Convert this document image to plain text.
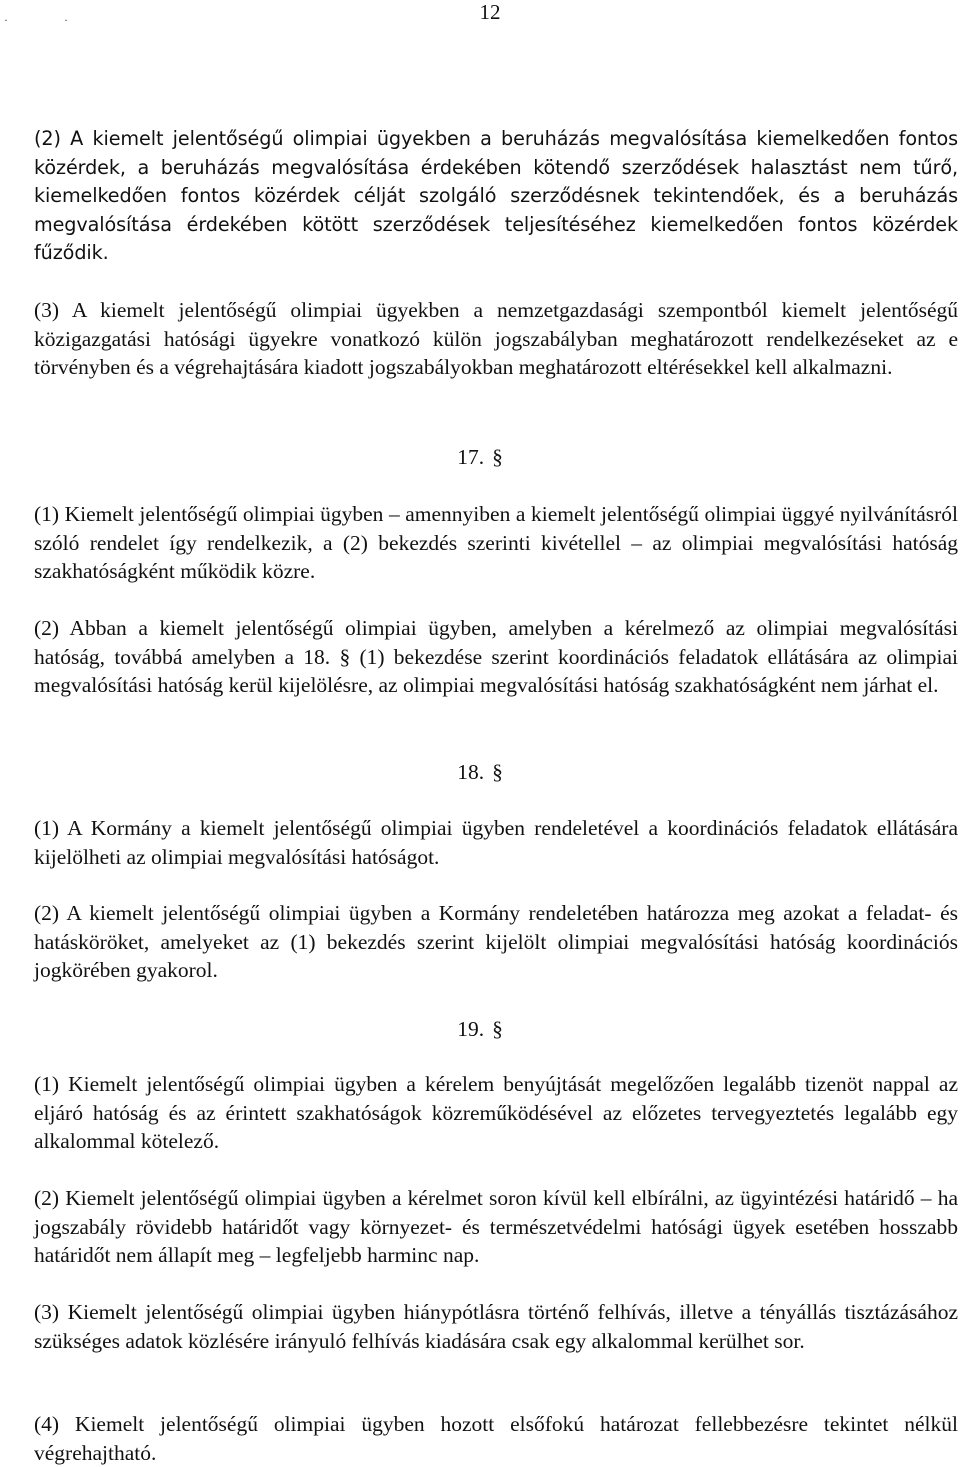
·	·	12

(2) A kiemelt jelentőségű olimpiai ügyekben a beruházás megvalósítása kiemelkedően fontos közérdek, a beruházás megvalósítása érdekében kötendő szerződések halasztást nem tűrő, kiemelkedően fontos közérdek célját szolgáló szerződésnek tekintendőek, és a beruházás megvalósítása érdekében kötött szerződések teljesítéséhez kiemelkedően fontos közérdek fűződik.

(3) A kiemelt jelentőségű olimpiai ügyekben a nemzetgazdasági szempontból kiemelt jelentőségű közigazgatási hatósági ügyekre vonatkozó külön jogszabályban meghatározott rendelkezéseket az e törvényben és a végrehajtására kiadott jogszabályokban meghatározott eltérésekkel kell alkalmazni.

17. §

(1) Kiemelt jelentőségű olimpiai ügyben – amennyiben a kiemelt jelentőségű olimpiai üggyé nyilvánításról szóló rendelet így rendelkezik, a (2) bekezdés szerinti kivétellel – az olimpiai megvalósítási hatóság szakhatóságként működik közre.

(2) Abban a kiemelt jelentőségű olimpiai ügyben, amelyben a kérelmező az olimpiai megvalósítási hatóság, továbbá amelyben a 18. § (1) bekezdése szerint koordinációs feladatok ellátására az olimpiai megvalósítási hatóság kerül kijelölésre, az olimpiai megvalósítási hatóság szakhatóságként nem járhat el.

18. §

(1) A Kormány a kiemelt jelentőségű olimpiai ügyben rendeletével a koordinációs feladatok ellátására kijelölheti az olimpiai megvalósítási hatóságot.

(2) A kiemelt jelentőségű olimpiai ügyben a Kormány rendeletében határozza meg azokat a feladat- és hatásköröket, amelyeket az (1) bekezdés szerint kijelölt olimpiai megvalósítási hatóság koordinációs jogkörében gyakorol.

19. §

(1) Kiemelt jelentőségű olimpiai ügyben a kérelem benyújtását megelőzően legalább tizenöt nappal az eljáró hatóság és az érintett szakhatóságok közreműködésével az előzetes tervegyeztetés legalább egy alkalommal kötelező.

(2) Kiemelt jelentőségű olimpiai ügyben a kérelmet soron kívül kell elbírálni, az ügyintézési határidő – ha jogszabály rövidebb határidőt vagy környezet- és természetvédelmi hatósági ügyek esetében hosszabb határidőt nem állapít meg – legfeljebb harminc nap.

(3) Kiemelt jelentőségű olimpiai ügyben hiánypótlásra történő felhívás, illetve a tényállás tisztázásához szükséges adatok közlésére irányuló felhívás kiadására csak egy alkalommal kerülhet sor.

(4) Kiemelt jelentőségű olimpiai ügyben hozott elsőfokú határozat fellebbezésre tekintet nélkül végrehajtható.
